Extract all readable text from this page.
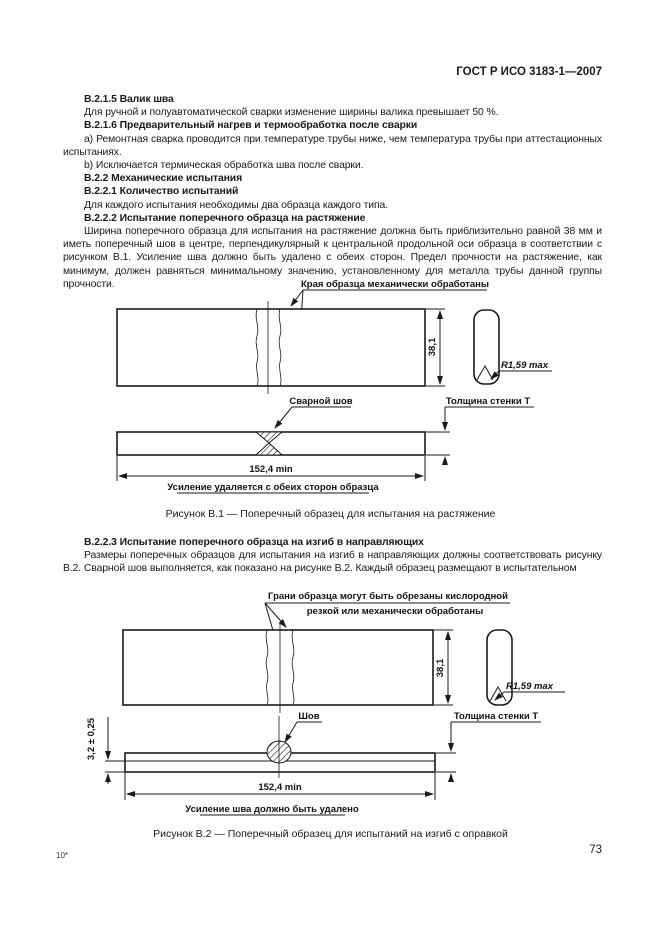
ГОСТ Р ИСО 3183-1—2007

В.2.1.5 Валик шва

Для ручной и полуавтоматической сварки изменение ширины валика превышает 50 %.

В.2.1.6 Предварительный нагрев и термообработка после сварки

a) Ремонтная сварка проводится при температуре трубы ниже, чем температура трубы при аттестационных испытаниях.

b) Исключается термическая обработка шва после сварки.

В.2.2 Механические испытания

В.2.2.1 Количество испытаний

Для каждого испытания необходимы два образца каждого типа.

В.2.2.2 Испытание поперечного образца на растяжение

Ширина поперечного образца для испытания на растяжение должна быть приблизительно равной 38 мм и иметь поперечный шов в центре, перпендикулярный к центральной продольной оси образца в соответствии с рисунком В.1. Усиление шва должно быть удалено с обеих сторон. Предел прочности на растяжение, как минимум, должен равняться минимальному значению, установленному для металла трубы данной группы прочности.	Края образца механически обработаны
38,1
R1,59 max
Сварной шов	Толщина стенки Т
152,4 min
Усиление удаляется с обеих сторон образца
Рисунок В.1 — Поперечный образец для испытания на растяжение

В.2.2.3 Испытание поперечного образца на изгиб в направляющих

Размеры поперечных образцов для испытания на изгиб в направляющих должны соответствовать рисунку В.2. Сварной шов выполняется, как показано на рисунке В.2. Каждый образец размещают в испытательном

Грани образца могут быть обрезаны кислородной
резкой или механически обработаны
38,1
R1,59 max
Шов
3,2 ± 0,25
Толщина стенки Т
152,4 min
Усиление шва должно быть удалено
Рисунок В.2 — Поперечный образец для испытаний на изгиб с оправкой
10*	73
